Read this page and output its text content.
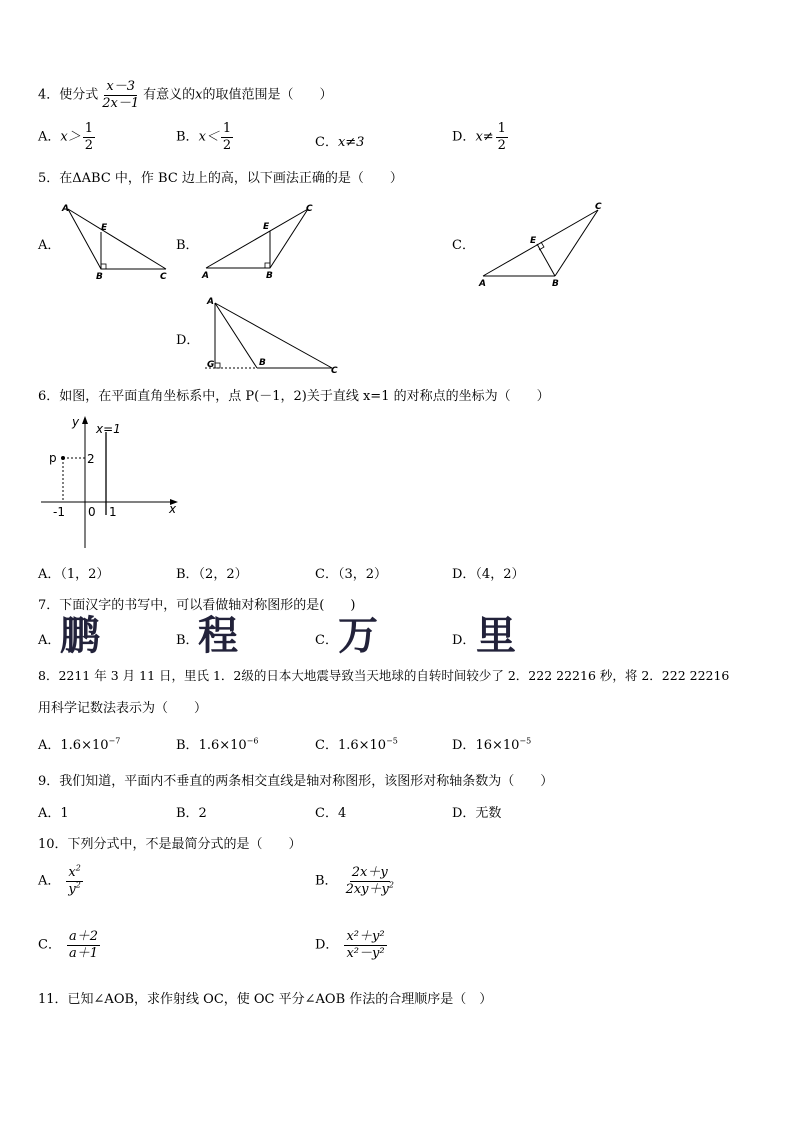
4．使分式 $\frac{x-3}{2x-1}$ 有意义的x的取值范围是（　　）
A．$x> \frac{1}{2}$	B．$x< \frac{1}{2}$	C．x≠3	D．$x\ne \frac{1}{2}$
5．在ΔABC 中，作 BC 边上的高，以下画法正确的是（　　）
A．	B．	C．
D．
A
E
B	C	A
E
B
C
A
E
B
C
A
G	B
C
6．如图，在平面直角坐标系中，点 P(－1，2)关于直线 x=1 的对称点的坐标为（　　）
y x=1
p	2
-1 0 1	x
A．（1，2）	B．（2，2）	C．（3，2）	D．（4，2）
7．下面汉字的书写中，可以看做轴对称图形的是(　　)
A． 鹏	B． 程	C． 万	D． 里
8．2211 年 3 月 11 日，里氏 1．2级的日本大地震导致当天地球的自转时间较少了 2．222 22216 秒，将 2．222 22216
用科学记数法表示为（　　）
A．$1.6\times 10^{-7}$	B．$1.6\times 10^{-6}$	C．$1.6\times 10^{-5}$	D．$16\times 10^{-5}$
9．我们知道，平面内不垂直的两条相交直线是轴对称图形，该图形对称轴条数为（　　）
A．1	B．2	C．4	D．无数
10．下列分式中，不是最简分式的是（　　）
A． $\frac{x^2}{y^2}$	B． $\frac{2x+y}{2xy+y^2}$
C． $\frac{a+2}{a+1}$	D． $\frac{\text{x²＋y²}}{\text{x²－y²}}$
11．已知∠AOB，求作射线 OC，使 OC 平分∠AOB 作法的合理顺序是（　）
